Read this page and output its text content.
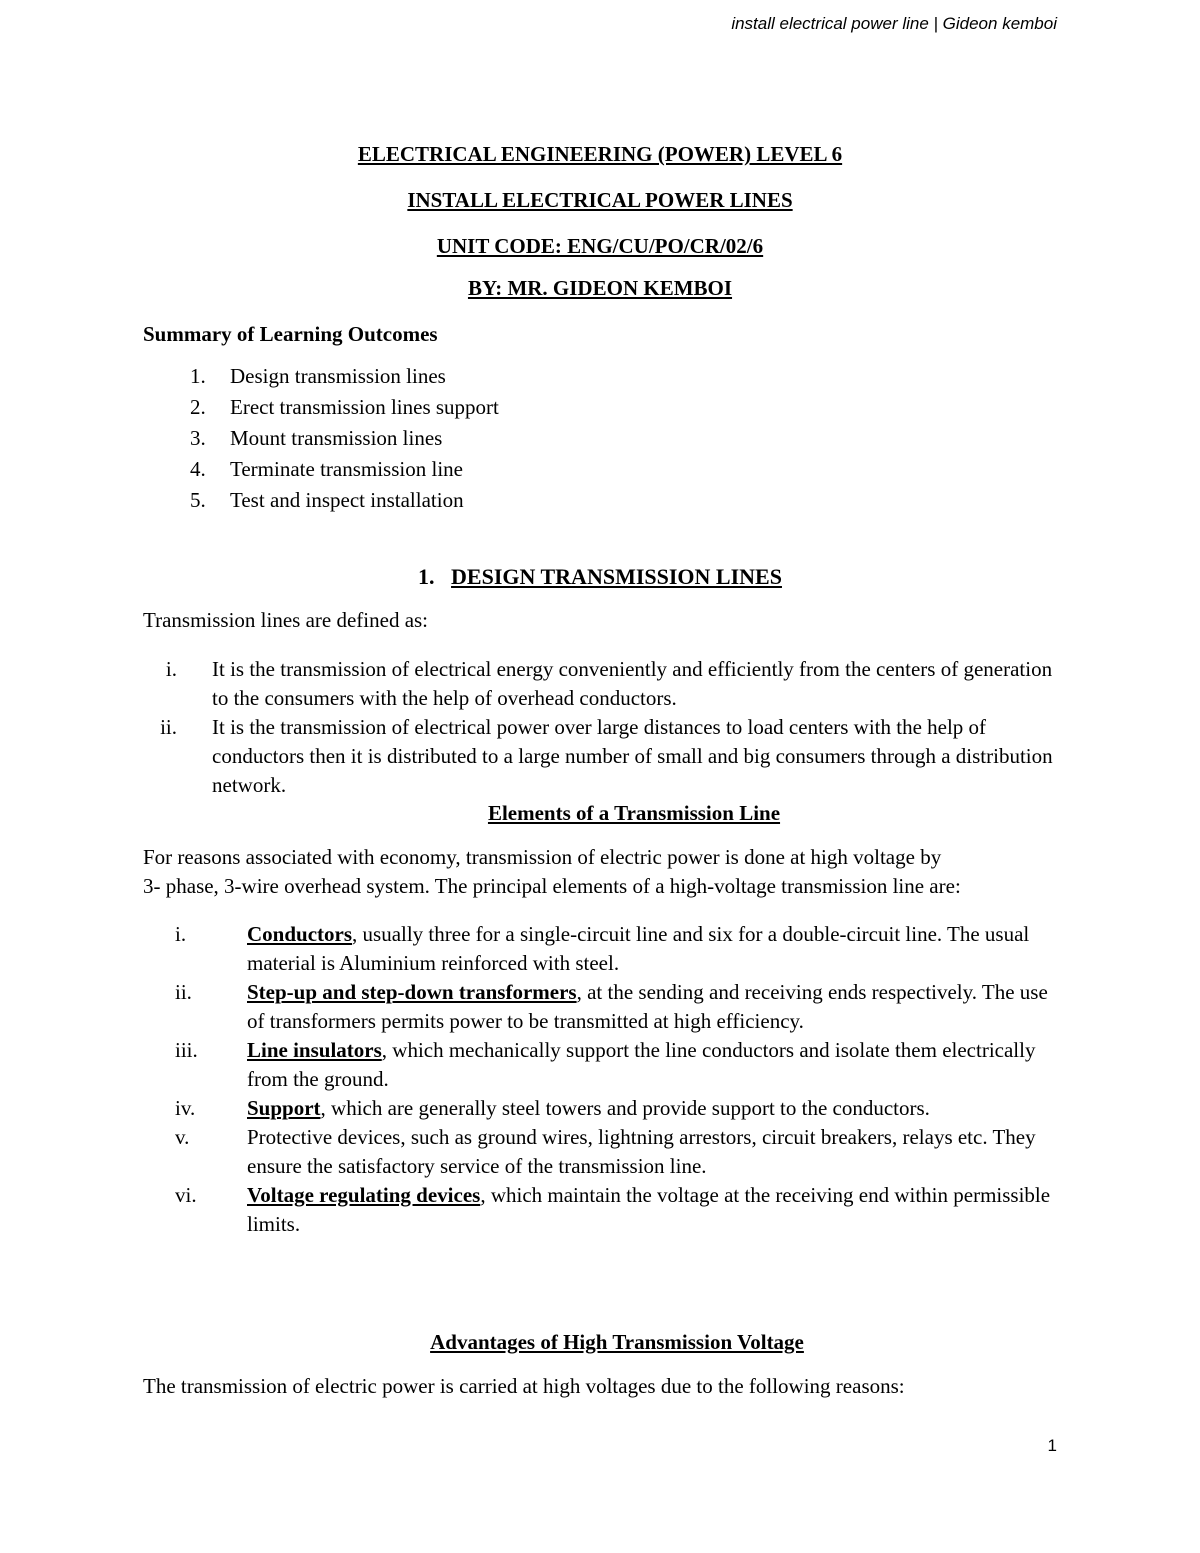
install electrical power line | Gideon kemboi
ELECTRICAL ENGINEERING (POWER) LEVEL 6
INSTALL ELECTRICAL POWER LINES
UNIT CODE: ENG/CU/PO/CR/02/6
BY: MR. GIDEON KEMBOI
Summary of Learning Outcomes
1. Design transmission lines
2. Erect transmission lines support
3. Mount transmission lines
4. Terminate transmission line
5. Test and inspect installation
1. DESIGN TRANSMISSION LINES
Transmission lines are defined as:
i. It is the transmission of electrical energy conveniently and efficiently from the centers of generation to the consumers with the help of overhead conductors.
ii. It is the transmission of electrical power over large distances to load centers with the help of conductors then it is distributed to a large number of small and big consumers through a distribution network.
Elements of a Transmission Line
For reasons associated with economy, transmission of electric power is done at high voltage by
3- phase, 3-wire overhead system. The principal elements of a high-voltage transmission line are:
i.	Conductors, usually three for a single-circuit line and six for a double-circuit line. The usual material is Aluminium reinforced with steel.
ii.	Step-up and step-down transformers, at the sending and receiving ends respectively. The use of transformers permits power to be transmitted at high efficiency.
iii. Line insulators, which mechanically support the line conductors and isolate them electrically from the ground.
iv. Support, which are generally steel towers and provide support to the conductors.
v.	Protective devices, such as ground wires, lightning arrestors, circuit breakers, relays etc. They ensure the satisfactory service of the transmission line.
vi. Voltage regulating devices, which maintain the voltage at the receiving end within permissible limits.
Advantages of High Transmission Voltage
The transmission of electric power is carried at high voltages due to the following reasons:
1
